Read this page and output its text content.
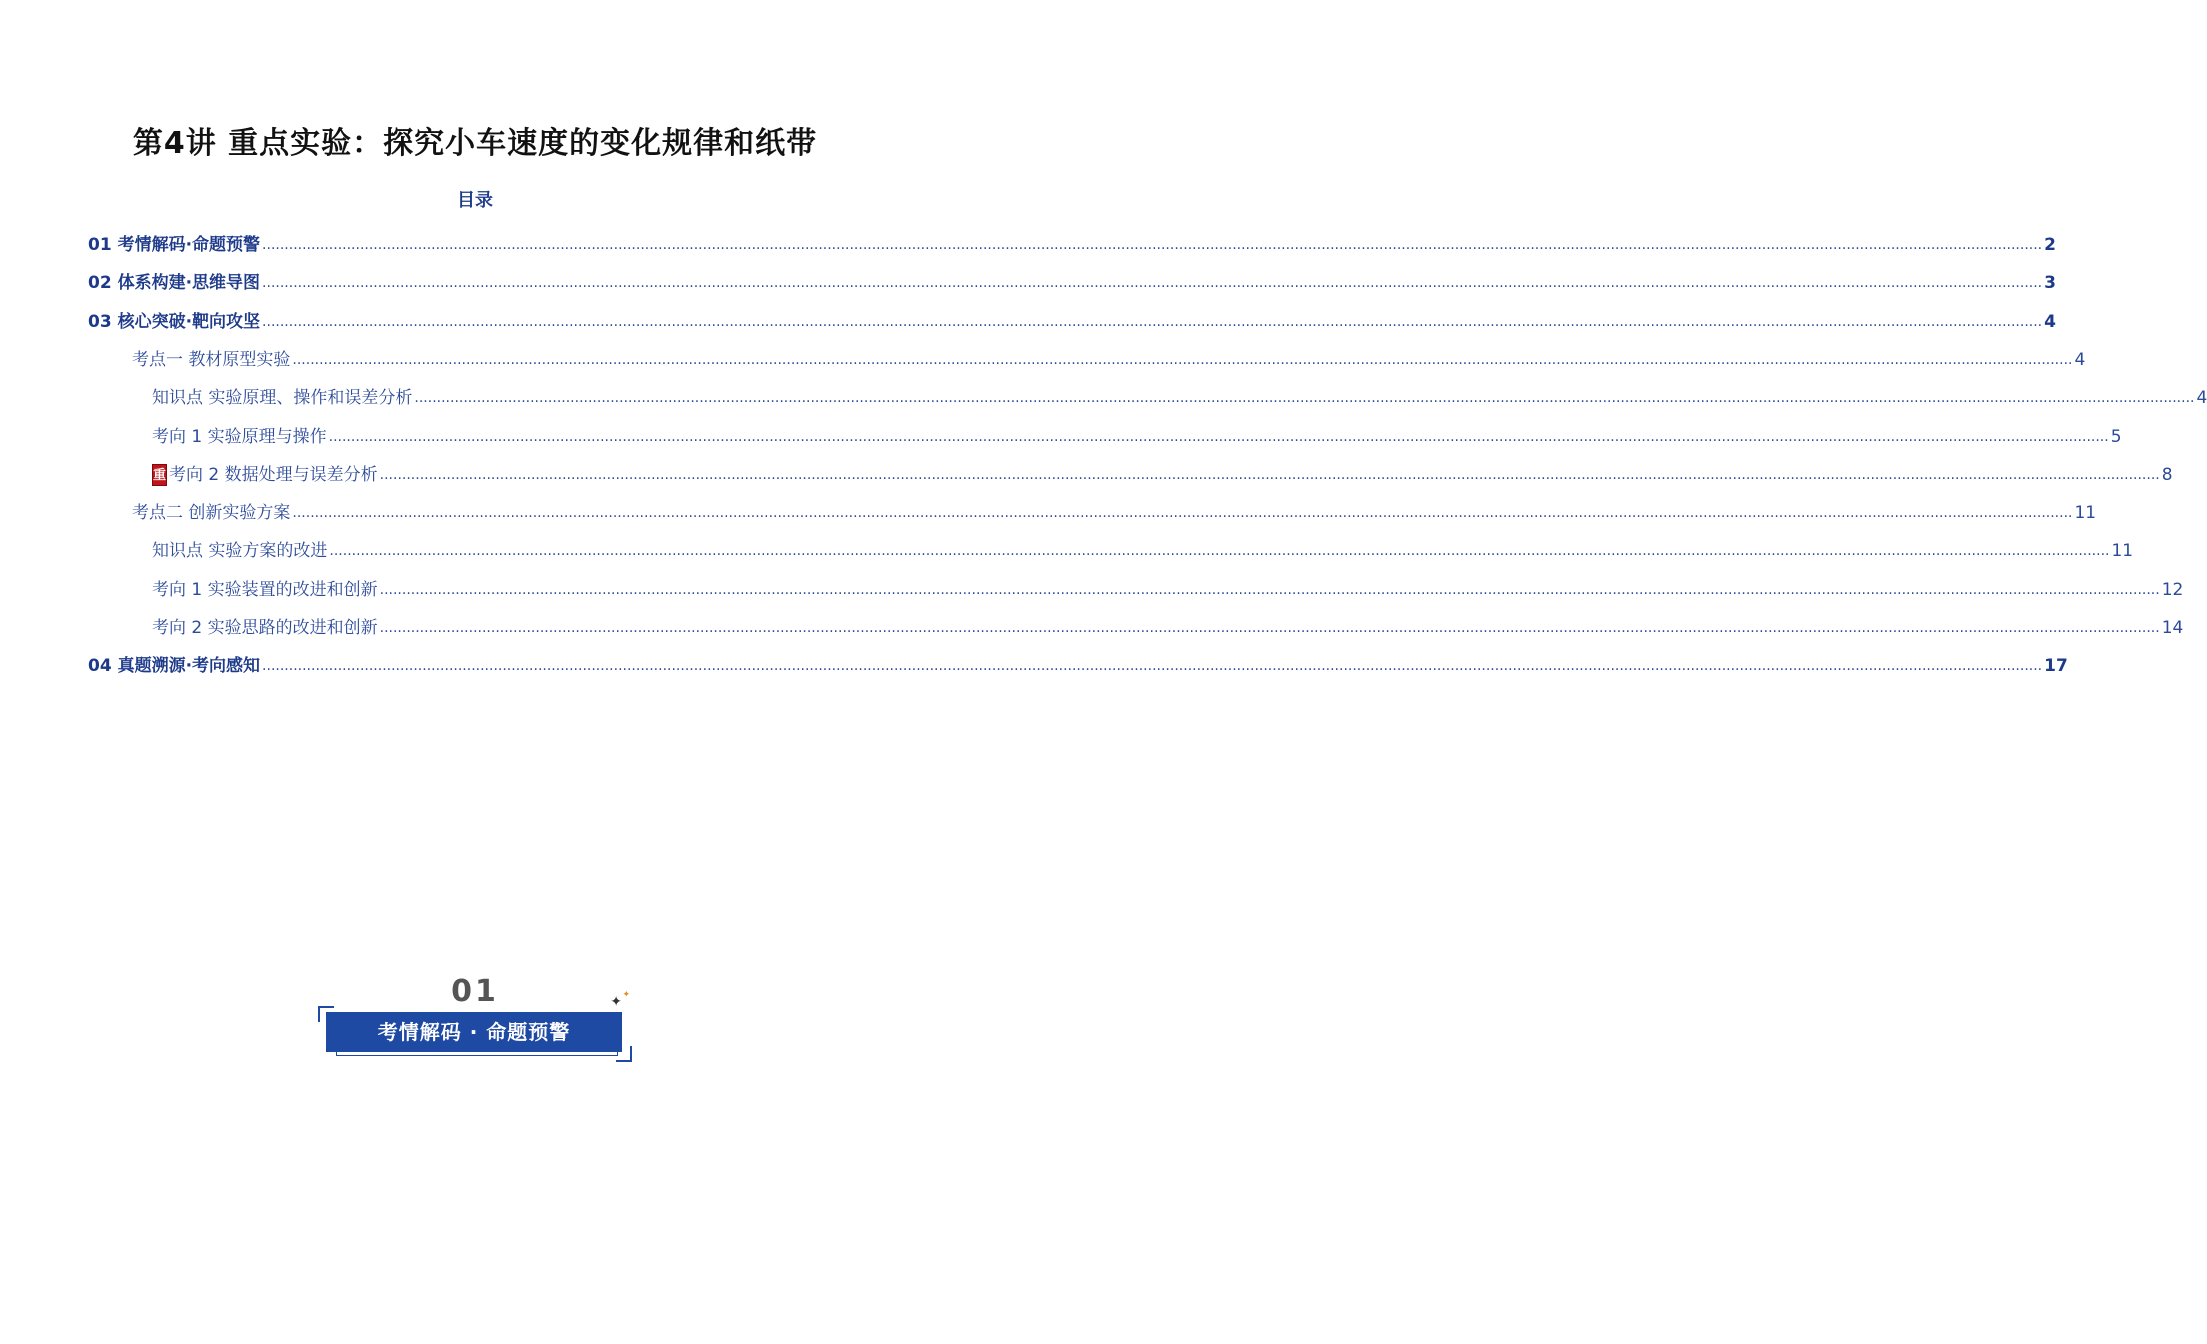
第4讲 重点实验：探究小车速度的变化规律和纸带
目录
01 考情解码·命题预警 ................................................................................................................................................................................................................................................................................................................................................................................................................ 2
02 体系构建·思维导图 ................................................................................................................................................................................................................................................................................................................................................................................................................ 3
03 核心突破·靶向攻坚 ................................................................................................................................................................................................................................................................................................................................................................................................................ 4
考点一 教材原型实验 ................................................................................................................................................................................................................................................................................................................................................................................................................ 4
知识点 实验原理、操作和误差分析 ................................................................................................................................................................................................................................................................................................................................................................................................................ 4
考向 1 实验原理与操作 ................................................................................................................................................................................................................................................................................................................................................................................................................ 5
重 考向 2 数据处理与误差分析 ................................................................................................................................................................................................................................................................................................................................................................................................................ 8
考点二 创新实验方案 ................................................................................................................................................................................................................................................................................................................................................................................................................ 11
知识点 实验方案的改进 ................................................................................................................................................................................................................................................................................................................................................................................................................ 11
考向 1 实验装置的改进和创新 ................................................................................................................................................................................................................................................................................................................................................................................................................ 12
考向 2 实验思路的改进和创新 ................................................................................................................................................................................................................................................................................................................................................................................................................ 14
04 真题溯源·考向感知 ................................................................................................................................................................................................................................................................................................................................................................................................................ 17
01	✦ ✦
考情解码 · 命题预警
